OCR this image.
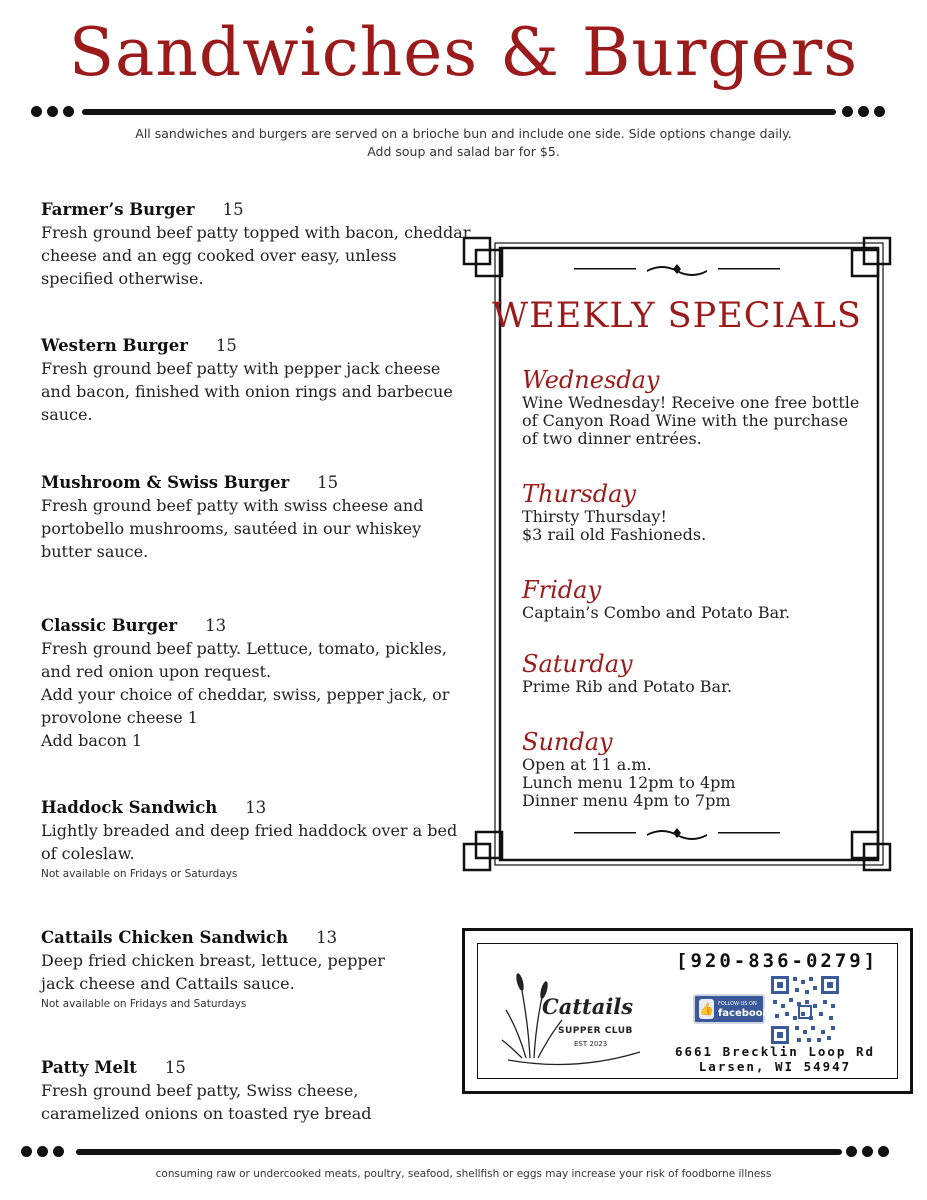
Sandwiches & Burgers
All sandwiches and burgers are served on a brioche bun and include one side. Side options change daily.
Add soup and salad bar for $5.
Farmer’s Burger 15
Fresh ground beef patty topped with bacon, cheddar cheese and an egg cooked over easy, unless specified otherwise.
Western Burger 15
Fresh ground beef patty with pepper jack cheese and bacon, finished with onion rings and barbecue sauce.
Mushroom & Swiss Burger 15
Fresh ground beef patty with swiss cheese and portobello mushrooms, sautéed in our whiskey butter sauce.
Classic Burger 13
Fresh ground beef patty. Lettuce, tomato, pickles, and red onion upon request.
Add your choice of cheddar, swiss, pepper jack, or provolone cheese 1
Add bacon 1
Haddock Sandwich 13
Lightly breaded and deep fried haddock over a bed of coleslaw.
Not available on Fridays or Saturdays
Cattails Chicken Sandwich 13
Deep fried chicken breast, lettuce, pepper jack cheese and Cattails sauce.
Not available on Fridays and Saturdays
Patty Melt 15
Fresh ground beef patty, Swiss cheese, caramelized onions on toasted rye bread
WEEKLY SPECIALS
Wednesday
Wine Wednesday! Receive one free bottle of Canyon Road Wine with the purchase of two dinner entrées.
Thursday
Thirsty Thursday!
$3 rail old Fashioneds.
Friday
Captain’s Combo and Potato Bar.
Saturday
Prime Rib and Potato Bar.
Sunday
Open at 11 a.m.
Lunch menu 12pm to 4pm
Dinner menu 4pm to 7pm
[920-836-0279]
Cattails
SUPPER CLUB
EST 2023
👍 FOLLOW US ON
facebook
6661 Brecklin Loop Rd
Larsen, WI 54947
consuming raw or undercooked meats, poultry, seafood, shellfish or eggs may increase your risk of foodborne illness
